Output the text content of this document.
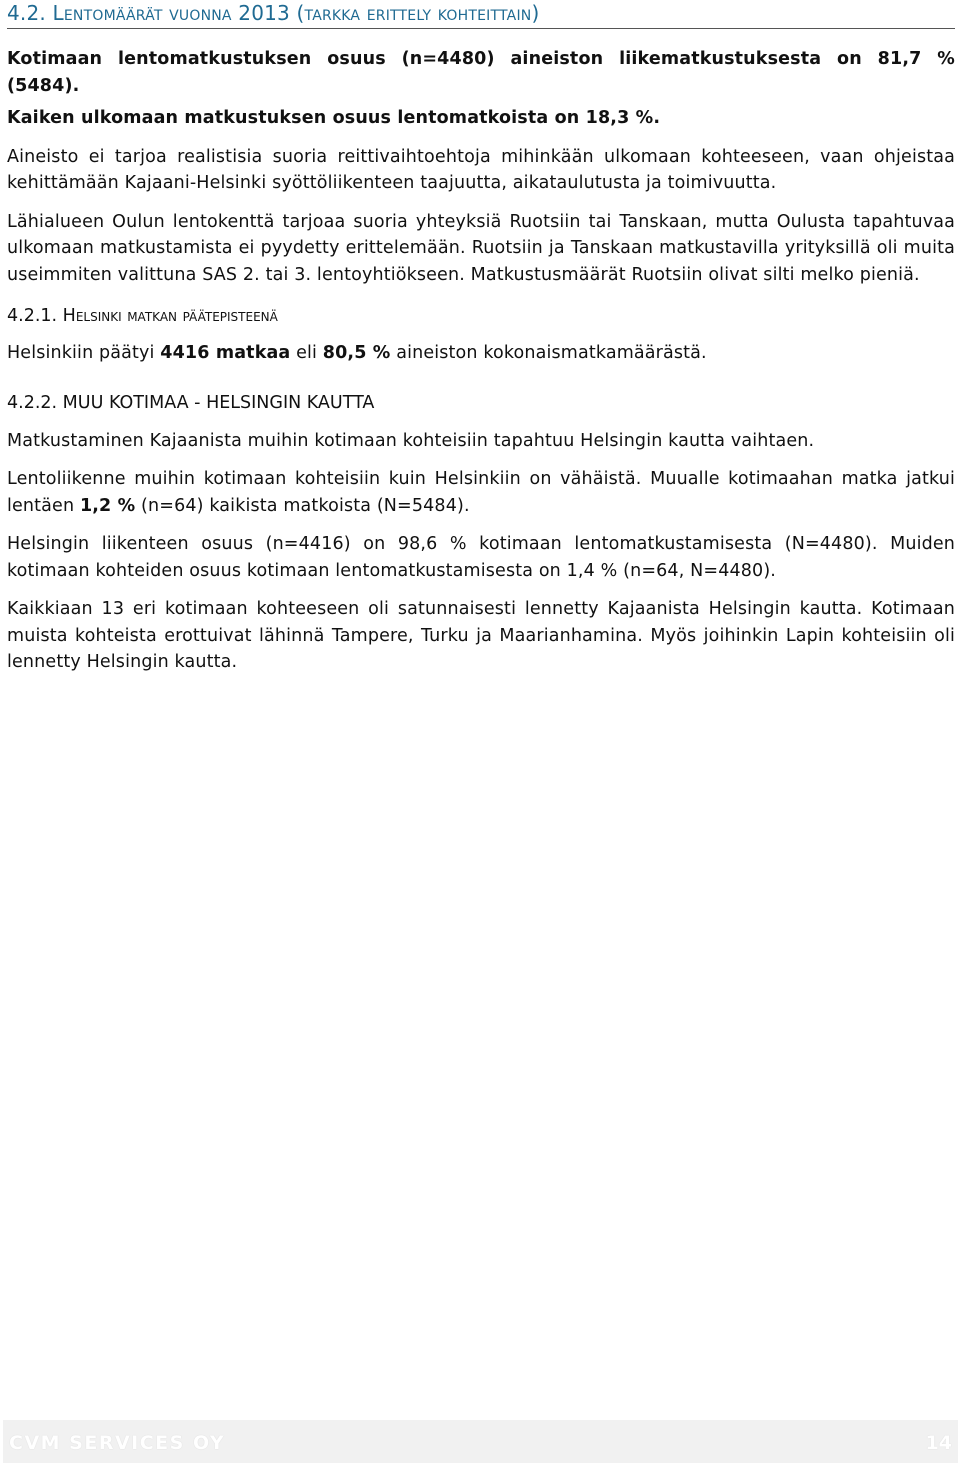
4.2. Lentomäärät vuonna 2013 (tarkka erittely kohteittain)

Kotimaan lentomatkustuksen osuus (n=4480) aineiston liikematkustuksesta on 81,7 % (5484).

Kaiken ulkomaan matkustuksen osuus lentomatkoista on 18,3 %.

Aineisto ei tarjoa realistisia suoria reittivaihtoehtoja mihinkään ulkomaan kohteeseen, vaan ohjeistaa kehittämään Kajaani-Helsinki syöttöliikenteen taajuutta, aikataulutusta ja toimivuutta.

Lähialueen Oulun lentokenttä tarjoaa suoria yhteyksiä Ruotsiin tai Tanskaan, mutta Oulusta tapahtuvaa ulkomaan matkustamista ei pyydetty erittelemään. Ruotsiin ja Tanskaan matkustavilla yrityksillä oli muita useimmiten valittuna SAS 2. tai 3. lentoyhtiökseen. Matkustusmäärät Ruotsiin olivat silti melko pieniä.

4.2.1. Helsinki matkan päätepisteenä

Helsinkiin päätyi 4416 matkaa eli 80,5 % aineiston kokonaismatkamäärästä.

4.2.2. MUU KOTIMAA - HELSINGIN KAUTTA

Matkustaminen Kajaanista muihin kotimaan kohteisiin tapahtuu Helsingin kautta vaihtaen.

Lentoliikenne muihin kotimaan kohteisiin kuin Helsinkiin on vähäistä. Muualle kotimaahan matka jatkui lentäen 1,2 % (n=64) kaikista matkoista (N=5484).

Helsingin liikenteen osuus (n=4416) on 98,6 % kotimaan lentomatkustamisesta (N=4480). Muiden kotimaan kohteiden osuus kotimaan lentomatkustamisesta on 1,4 % (n=64, N=4480).

Kaikkiaan 13 eri kotimaan kohteeseen oli satunnaisesti lennetty Kajaanista Helsingin kautta. Kotimaan muista kohteista erottuivat lähinnä Tampere, Turku ja Maarianhamina. Myös joihinkin Lapin kohteisiin oli lennetty Helsingin kautta.

CVM SERVICES OY	14
